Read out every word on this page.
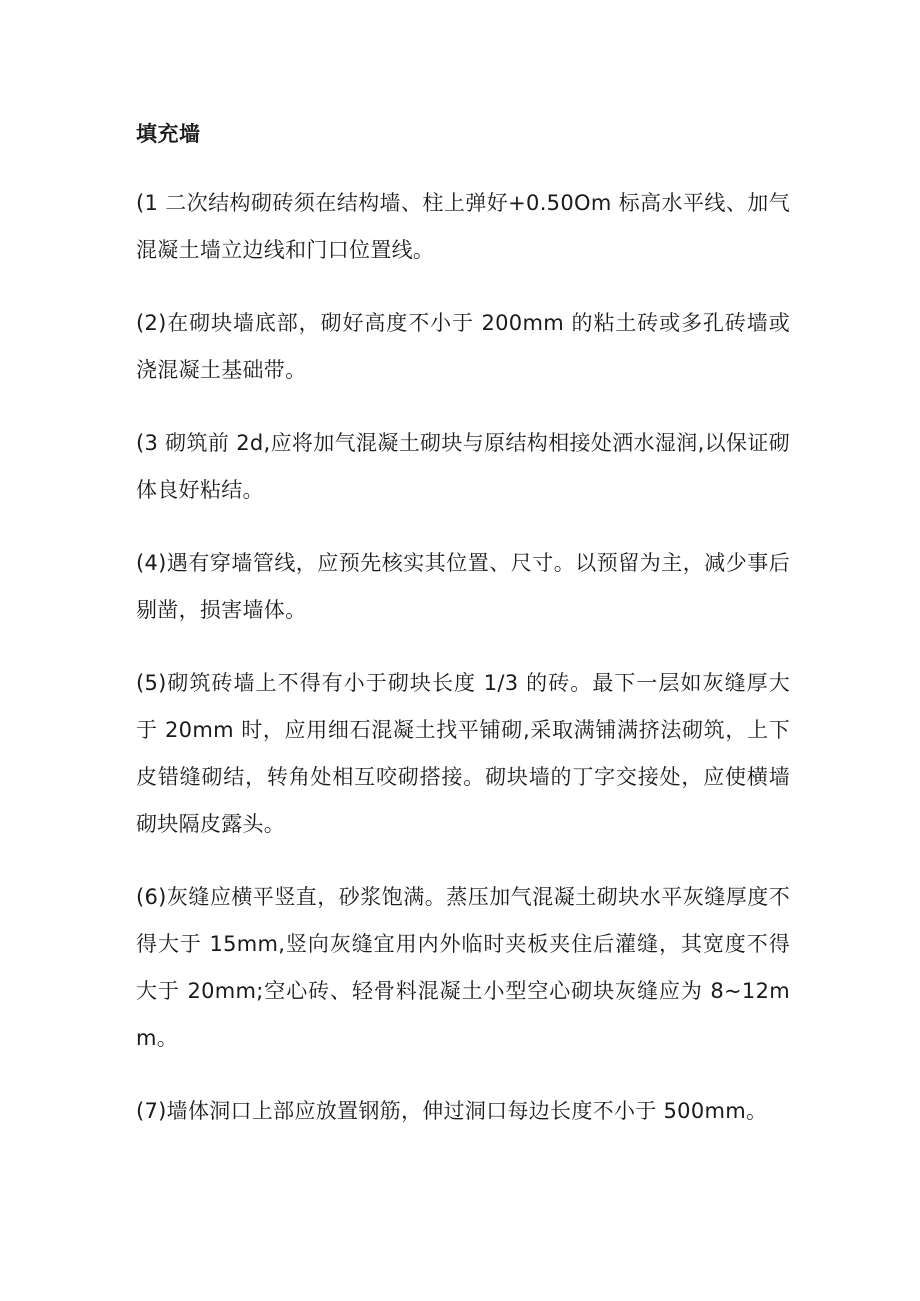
填充墙
(1 二次结构砌砖须在结构墙、柱上弹好+0.50Om 标高水平线、加气混凝土墙立边线和门口位置线。
(2)在砌块墙底部，砌好高度不小于 200mm 的粘土砖或多孔砖墙或浇混凝土基础带。
(3 砌筑前 2d,应将加气混凝土砌块与原结构相接处洒水湿润,以保证砌体良好粘结。
(4)遇有穿墙管线，应预先核实其位置、尺寸。以预留为主，减少事后剔凿，损害墙体。
(5)砌筑砖墙上不得有小于砌块长度 1/3 的砖。最下一层如灰缝厚大于 20mm 时，应用细石混凝土找平铺砌,采取满铺满挤法砌筑，上下皮错缝砌结，转角处相互咬砌搭接。砌块墙的丁字交接处，应使横墙砌块隔皮露头。
(6)灰缝应横平竖直，砂浆饱满。蒸压加气混凝土砌块水平灰缝厚度不得大于 15mm,竖向灰缝宜用内外临时夹板夹住后灌缝，其宽度不得大于 20mm;空心砖、轻骨料混凝土小型空心砌块灰缝应为 8~12mm。
(7)墙体洞口上部应放置钢筋，伸过洞口每边长度不小于 500mm。
